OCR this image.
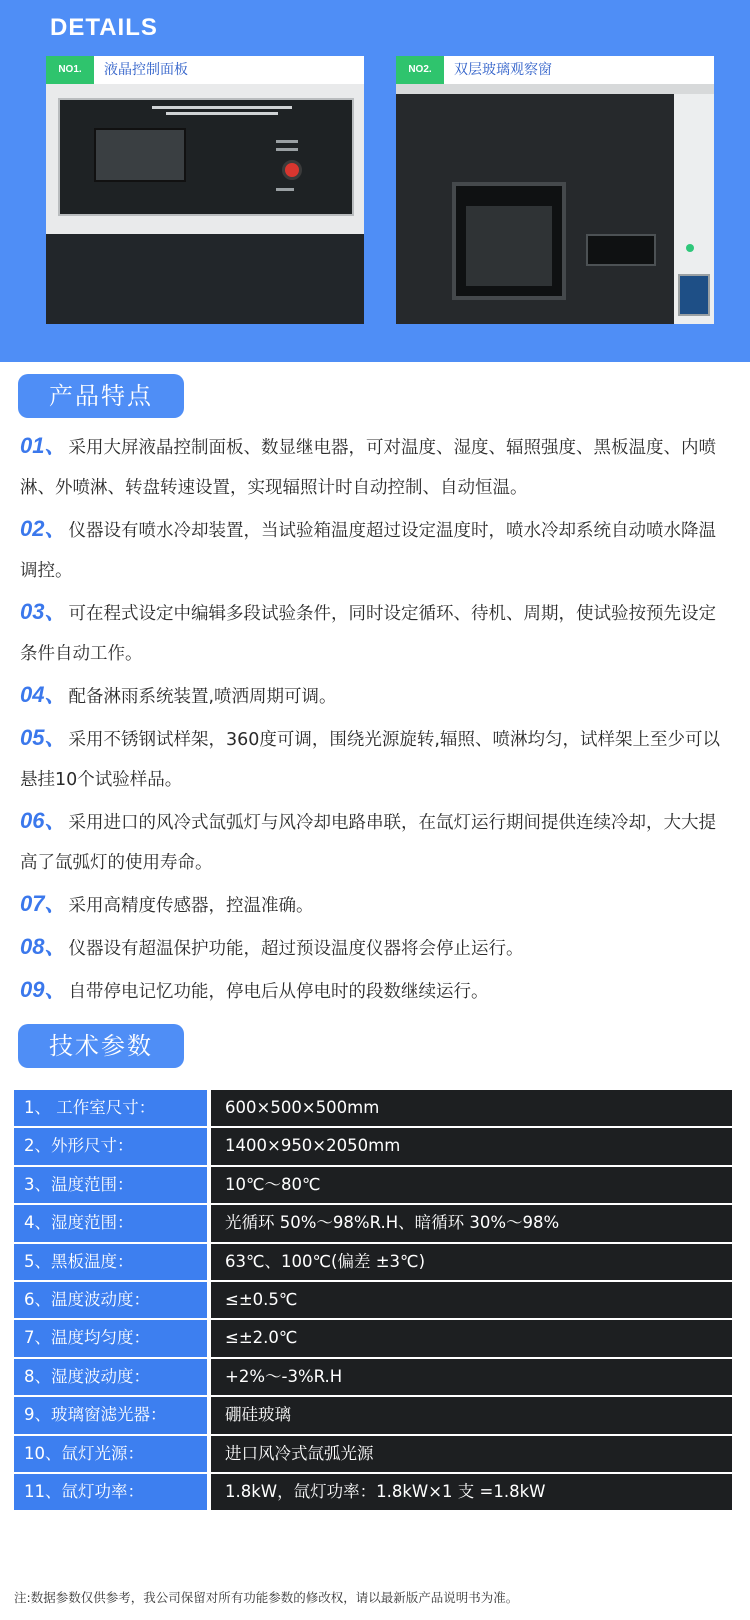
DETAILS
NO1.	液晶控制面板	NO2.	双层玻璃观察窗
产品特点

01、 采用大屏液晶控制面板、数显继电器，可对温度、湿度、辐照强度、黑板温度、内喷淋、外喷淋、转盘转速设置，实现辐照计时自动控制、自动恒温。

02、 仪器设有喷水冷却装置，当试验箱温度超过设定温度时，喷水冷却系统自动喷水降温调控。

03、 可在程式设定中编辑多段试验条件，同时设定循环、待机、周期，使试验按预先设定条件自动工作。

04、 配备淋雨系统装置,喷洒周期可调。

05、 采用不锈钢试样架，360度可调，围绕光源旋转,辐照、喷淋均匀，试样架上至少可以悬挂10个试验样品。

06、 采用进口的风冷式氙弧灯与风冷却电路串联，在氙灯运行期间提供连续冷却，大大提高了氙弧灯的使用寿命。

07、 采用高精度传感器，控温准确。

08、 仪器设有超温保护功能，超过预设温度仪器将会停止运行。

09、 自带停电记忆功能，停电后从停电时的段数继续运行。

技术参数
1、 工作室尺寸：	600×500×500mm
2、外形尺寸：	1400×950×2050mm
3、温度范围：	10℃～80℃
4、湿度范围：	光循环 50%～98%R.H、暗循环 30%～98%
5、黑板温度：	63℃、100℃(偏差 ±3℃)
6、温度波动度：	≤±0.5℃
7、温度均匀度：	≤±2.0℃
8、湿度波动度：	+2%～-3%R.H
9、玻璃窗滤光器：	硼硅玻璃
10、氙灯光源：	进口风冷式氙弧光源
11、氙灯功率：	1.8kW，氙灯功率：1.8kW×1 支 =1.8kW
注:数据参数仅供参考，我公司保留对所有功能参数的修改权，请以最新版产品说明书为准。
